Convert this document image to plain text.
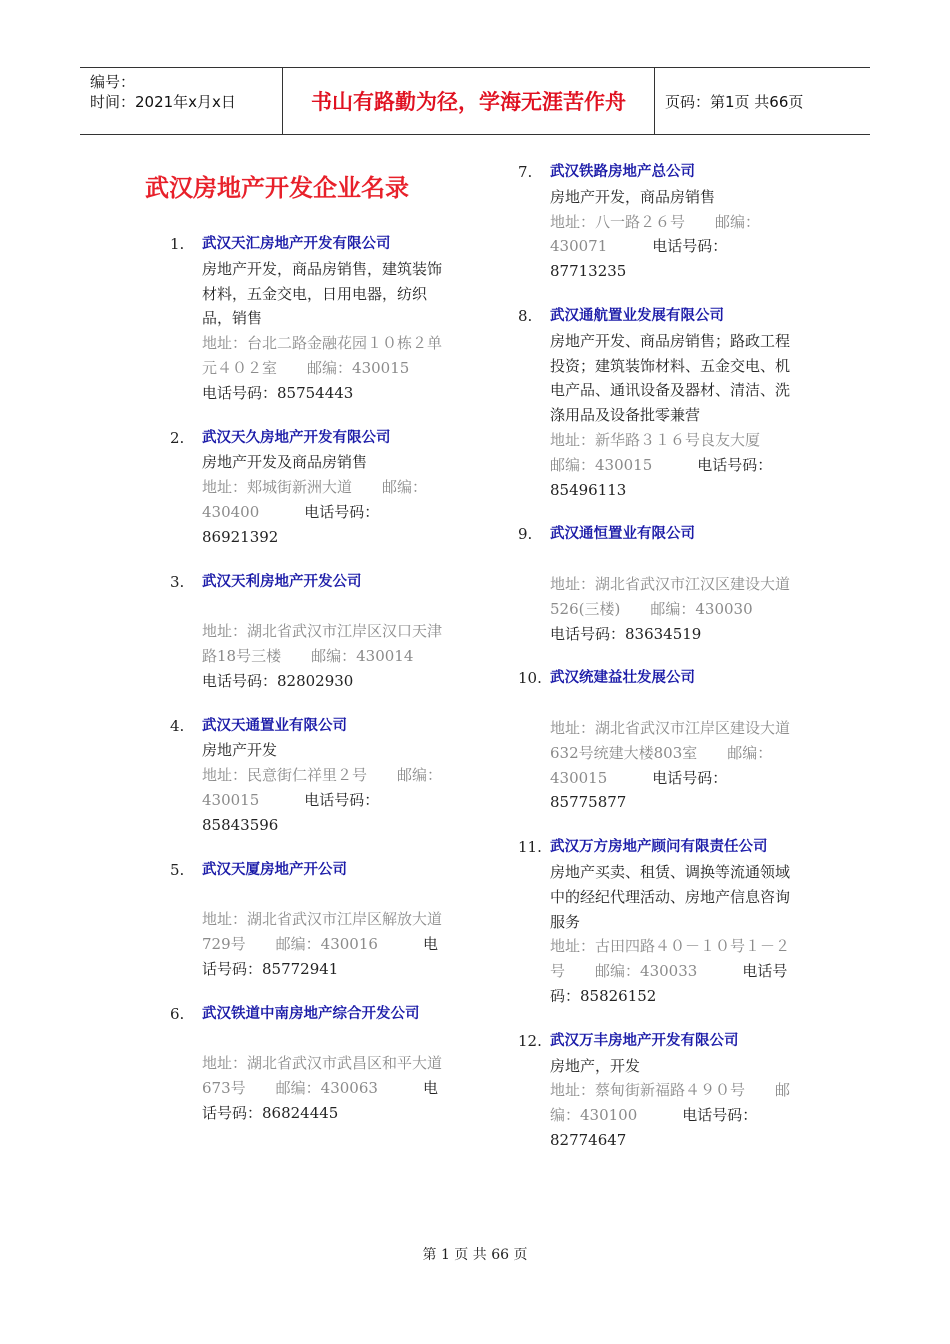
编号：
时间：2021年x月x日	书山有路勤为径，学海无涯苦作舟	页码：第1页 共66页
武汉房地产开发企业名录
1. 武汉天汇房地产开发有限公司
房地产开发，商品房销售，建筑装饰材料，五金交电，日用电器，纺织品，销售
地址：台北二路金融花园１０栋２单元４０２室　　 邮编：430015　　　电话号码：85754443
2. 武汉天久房地产开发有限公司
房地产开发及商品房销售
地址：郏城街新洲大道　　 邮编：430400　　　	电话号码：86921392
3. 武汉天利房地产开发公司
地址：湖北省武汉市江岸区汉口天津路18号三楼　　 邮编：430014　　　电话号码：82802930
4. 武汉天通置业有限公司
房地产开发
地址：民意街仁祥里２号　　 邮编：430015　　　	电话号码：85843596
5. 武汉天厦房地产开公司
地址：湖北省武汉市江岸区解放大道729号　　 邮编：430016　　　	电话号码：85772941
6. 武汉铁道中南房地产综合开发公司
地址：湖北省武汉市武昌区和平大道673号　　 邮编：430063　　　	电话号码：86824445
7. 武汉铁路房地产总公司
房地产开发，商品房销售
地址：八一路２６号　　 邮编：430071　　　	电话号码：87713235
8. 武汉通航置业发展有限公司
房地产开发、商品房销售；路政工程投资；建筑装饰材料、五金交电、机电产品、通讯设备及器材、清洁、洗涤用品及设备批零兼营
地址：新华路３１６号良友大厦　　邮编：430015　　　	电话号码：85496113
9. 武汉通恒置业有限公司
地址：湖北省武汉市江汉区建设大道526(三楼)　　 邮编：430030　　　电话号码：83634519
10. 武汉统建益壮发展公司
地址：湖北省武汉市江岸区建设大道632号统建大楼803室　　 邮编：430015　　　	电话号码：85775877
11. 武汉万方房地产顾问有限责任公司
房地产买卖、租赁、调换等流通领域中的经纪代理活动、房地产信息咨询服务
地址：古田四路４０－１０号１－２号　　 邮编：430033　　　	电话号码：85826152
12. 武汉万丰房地产开发有限公司
房地产，开发
地址：蔡甸街新福路４９０号　　 邮编：430100　　　	电话号码：82774647
第 1 页 共 66 页
